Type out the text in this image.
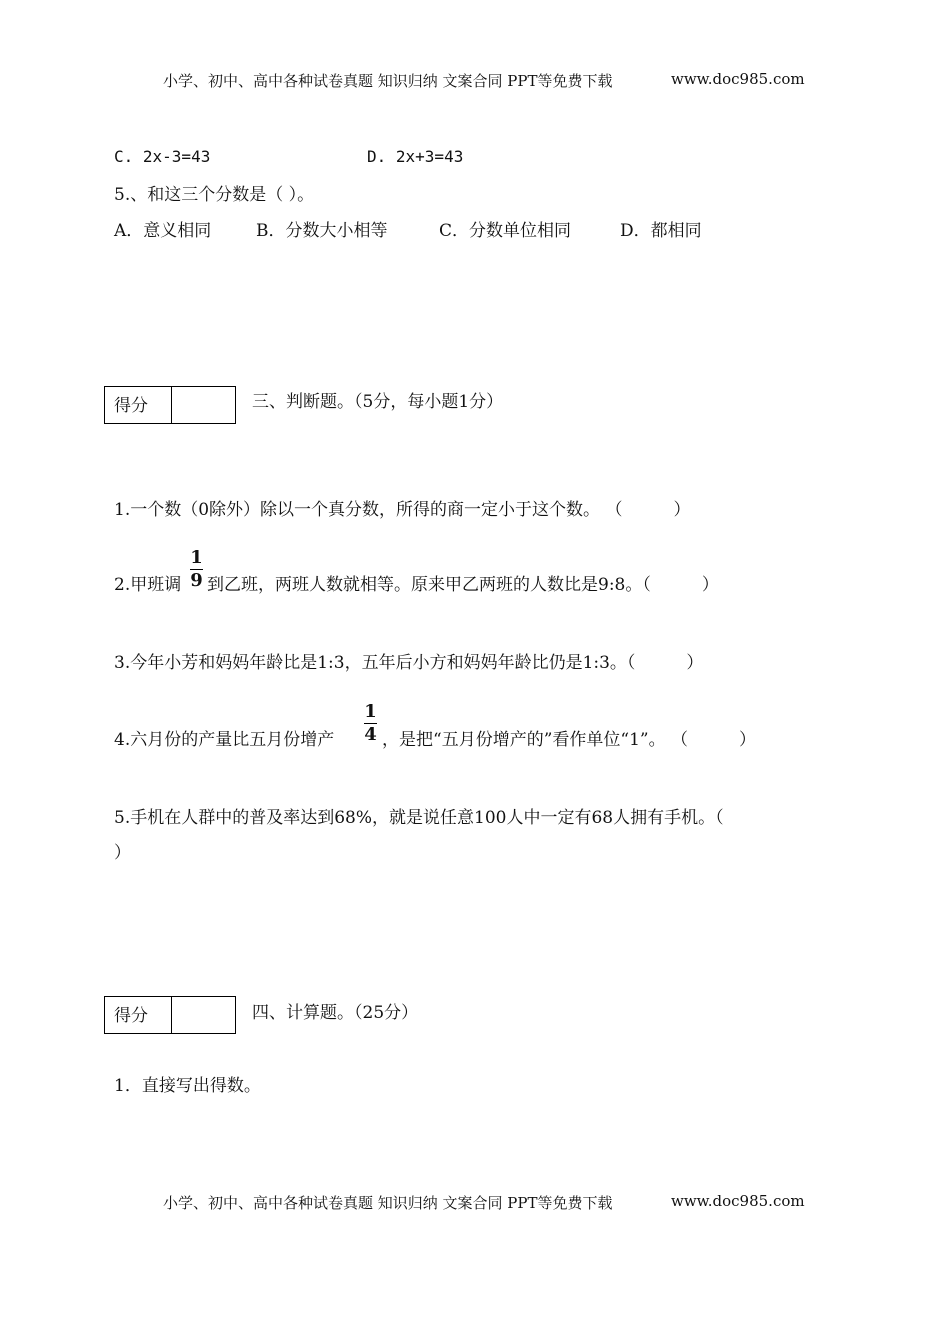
小学、初中、高中各种试卷真题 知识归纳 文案合同 PPT等免费下载	www.doc985.com
C. 2x-3=43	D. 2x+3=43
5.、和这三个分数是（ ）。
A．意义相同	B．分数大小相等	C．分数单位相同	D．都相同
得分	三、判断题。（5分，每小题1分）
1.一个数（0除外）除以一个真分数，所得的商一定小于这个数。 （　　　）
2.甲班调
1
9 到乙班，两班人数就相等。原来甲乙两班的人数比是9:8。（　　　）
3.今年小芳和妈妈年龄比是1:3，五年后小方和妈妈年龄比仍是1:3。（　　　）
4.六月份的产量比五月份增产
1
4 ，是把“五月份增产的”看作单位“1”。 （　　　）
5.手机在人群中的普及率达到68%，就是说任意100人中一定有68人拥有手机。（
）
得分	四、计算题。（25分）
1．直接写出得数。
小学、初中、高中各种试卷真题 知识归纳 文案合同 PPT等免费下载	www.doc985.com
